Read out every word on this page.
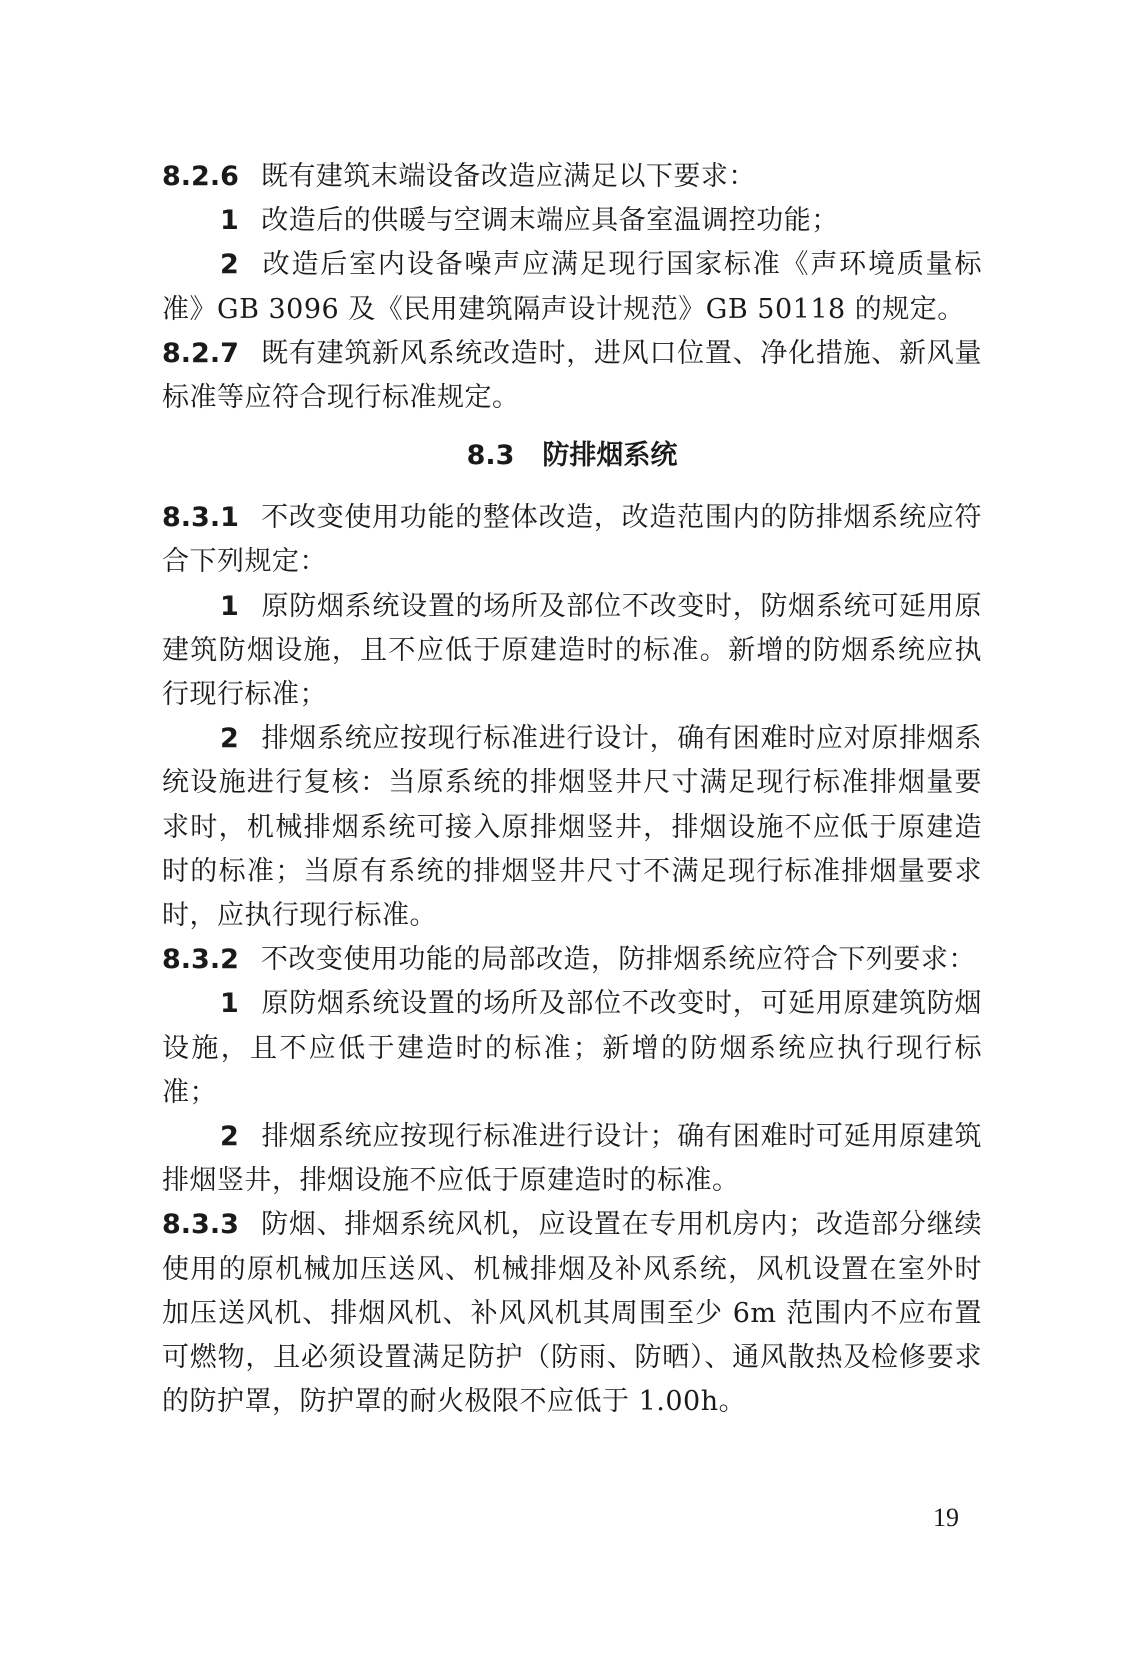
8.2.6 既有建筑末端设备改造应满足以下要求：

1 改造后的供暖与空调末端应具备室温调控功能；

2 改造后室内设备噪声应满足现行国家标准《声环境质量标准》GB 3096 及《民用建筑隔声设计规范》GB 50118 的规定。

8.2.7 既有建筑新风系统改造时，进风口位置、净化措施、新风量标准等应符合现行标准规定。

8.3 防排烟系统

8.3.1 不改变使用功能的整体改造，改造范围内的防排烟系统应符合下列规定：

1 原防烟系统设置的场所及部位不改变时，防烟系统可延用原建筑防烟设施，且不应低于原建造时的标准。新增的防烟系统应执行现行标准；

2 排烟系统应按现行标准进行设计，确有困难时应对原排烟系统设施进行复核：当原系统的排烟竖井尺寸满足现行标准排烟量要求时，机械排烟系统可接入原排烟竖井，排烟设施不应低于原建造时的标准；当原有系统的排烟竖井尺寸不满足现行标准排烟量要求时，应执行现行标准。

8.3.2 不改变使用功能的局部改造，防排烟系统应符合下列要求：

1 原防烟系统设置的场所及部位不改变时，可延用原建筑防烟设施，且不应低于建造时的标准；新增的防烟系统应执行现行标准；

2 排烟系统应按现行标准进行设计；确有困难时可延用原建筑排烟竖井，排烟设施不应低于原建造时的标准。

8.3.3 防烟、排烟系统风机，应设置在专用机房内；改造部分继续使用的原机械加压送风、机械排烟及补风系统，风机设置在室外时加压送风机、排烟风机、补风风机其周围至少 6m 范围内不应布置可燃物，且必须设置满足防护（防雨、防晒）、通风散热及检修要求的防护罩，防护罩的耐火极限不应低于 1.00h。

19
